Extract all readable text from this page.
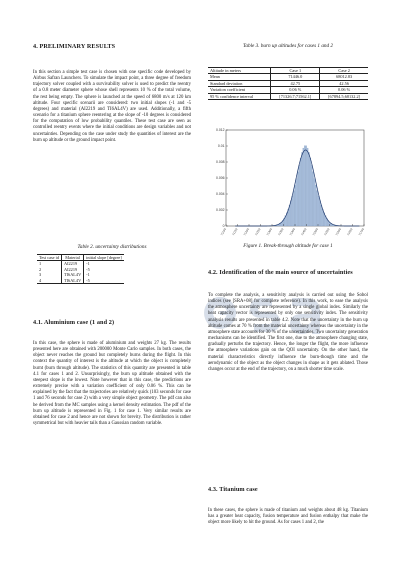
4. PRELIMINARY RESULTS
In this section a simple test case is chosen with one specific code developed by Airbus Safran Launchers. To simulate the impact point, a three degree of freedom trajectory solver coupled with a survivability solver is used to predict the reentry of a 0.8 meter diameter sphere whose shell represents 10 % of the total volume, the rest being empty. The sphere is launched at the speed of 6800 m/s at 120 km altitude. Four specific scenarii are considered: two initial slopes (-1 and -5 degrees) and material (AI2219 and TI6AL4V) are used. Additionally, a fifth scenario for a titanium sphere reentering at the slope of -10 degrees is considered for the computation of low probability quantiles. These test case are seen as controlled reentry events where the initial conditions are design variables and not uncertainties. Depending on the case under study the quantities of interest are the burn up altitude or the ground impact point.
Table 2. uncertainty distributions
Test case id	Material	initial slope [degree]
1	AI2219	-1
2	AI2219	-5
3	TI6AL4V	-1
4	TI6AL4V	-5
4.1. Aluminium case (1 and 2)
In this case, the sphere is made of aluminium and weights 27 kg. The results presented here are obtained with 200000 Monte Carlo samples. In both cases, the object never reaches the ground but completely burns during the flight. In this context the quantity of interest is the altitude at which the object is completely burnt (burn through altitude). The statistics of this quantity are presented in table 4.1 for cases 1 and 2. Unsurprisingly, the burn up altitude obtained with the steepest slope is the lowest. Note however that in this case, the predictions are extremely precise with a variation coefficient of only 0.06 %. This can be explained by the fact that the trajectories are relatively quick (103 seconds for case 1 and 76 seconds for case 2) with a very simple object geometry. The pdf can also be derived from the MC samples using a kernel density estimation. The pdf of the burn up altitude is represented in Fig. 1 for case 1. Very similar results are obtained for case 2 and hence are not shown for brevity. The distribution is rather symmetrical but with heavier tails than a Gaussian random variable.
Table 3. burn up altitudes for cases 1 and 2
Altitude in meters	Case 1	Case 2
Mean	71446.0	68012.83
Standard deviation	42.75	42.56
Variation coefficient	0.06 %	0.06 %
95 % confidence interval	[71326.7;71562.1]	[67894.5;68132.2]
0.012
0.01
0.008
0.006
0.004
0.002
0
71100 71150 71200 71250 71300 71350 71400 71450 71500 71550 71600 71650 71700
Figure 1. Break-through altitude for case 1
4.2. Identification of the main source of uncertainties
To complete the analysis, a sensitivity analysis is carried out using the Sobol indices (see [SRA+08] for complete reference). In this work, to ease the analysis the atmosphere uncertainty are represented by a single global index. Similarly the heat capacity vector is represented by only one sensitivity index. The sensitivity analysis results are presented in table 4.2. Note that the uncertainty in the burn up altitude comes at 70 % from the material uncertainty whereas the uncertainty in the atmosphere state accounts for 30 % of the uncertainties. Two uncertainty generation mechanisms can be identified. The first one, due to the atmosphere changing state, gradually perturbs the trajectory. Hence, the longer the flight, the more influence the atmosphere variations gain on the QOI uncertainty. On the other hand, the material characteristics directly influence the burn-though time and the aerodynamic of the object as the object changes in shape as it gets ablated. Those changes occur at the end of the trajectory, on a much shorter time scale.
4.3. Titanium case
In these cases, the sphere is made of titanium and weights about 48 kg. Titanium has a greater heat capacity, fusion temperature and fusion enthalpy that make the object more likely to hit the ground. As for cases 1 and 2, the
